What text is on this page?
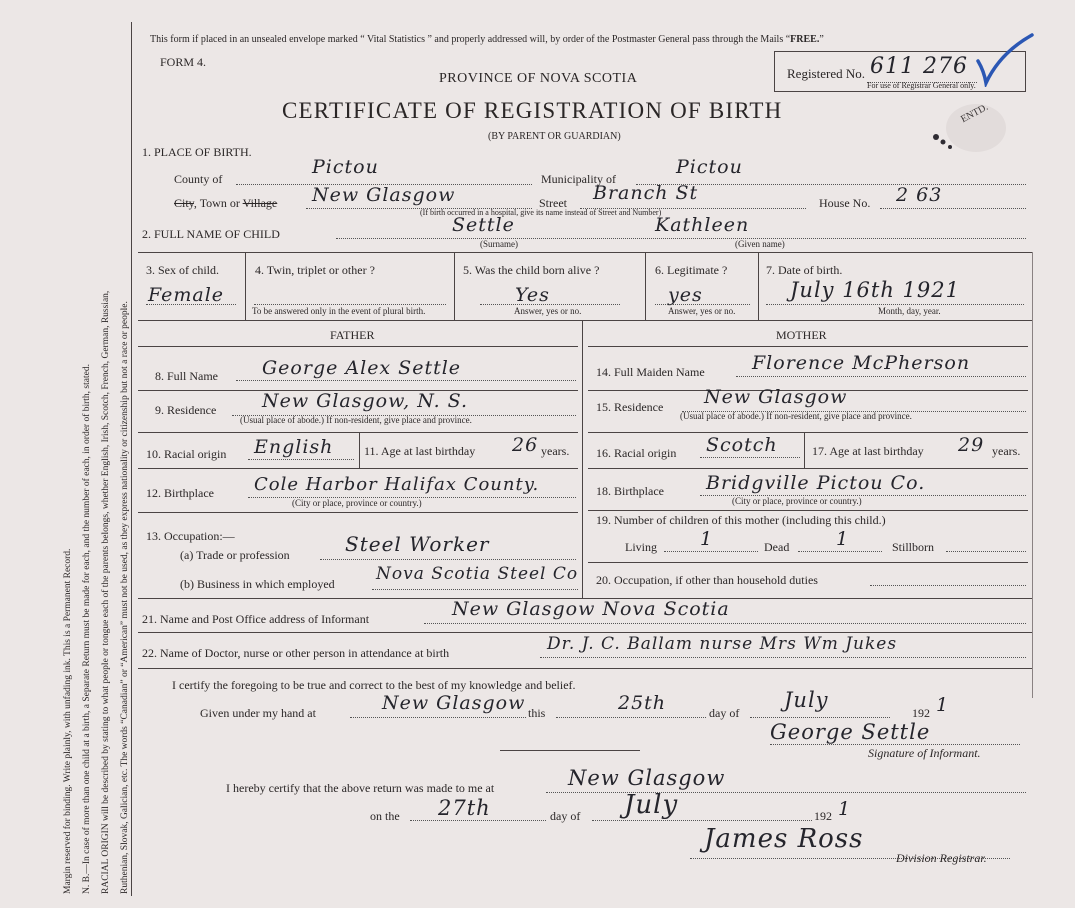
Margin reserved for binding. Write plainly, with unfading ink. This is a Permanent Record. N. B.—In case of more than one child at a birth, a Separate Return must be made for each, and the number of each, in order of birth, stated. RACIAL ORIGIN will be described by stating to what people or tongue each of the parents belongs, whether English, Irish, Scotch, French, German, Russian, Ruthenian, Slovak, Galician, etc. The words “Canadian” or “American” must not be used, as they express nationality or citizenship but not a race or people.
This form if placed in an unsealed envelope marked “ Vital Statistics ” and properly addressed will, by order of the Postmaster General pass through the Mails “FREE.”
FORM 4.
PROVINCE OF NOVA SCOTIA
CERTIFICATE OF REGISTRATION OF BIRTH
(BY PARENT OR GUARDIAN)
Registered No. 611 276
For use of Registrar General only.
ENTD.
1. PLACE OF BIRTH.
County of
Pictou
Municipality of
Pictou
City, Town or Village New Glasgow	Street Branch St	House No. 2 63
(If birth occurred in a hospital, give its name instead of Street and Number)
2. FULL NAME OF CHILD	Settle	Kathleen
(Surname)	(Given name)
3. Sex of child.
Female
4. Twin, triplet or other ?
To be answered only in the event of plural birth.
5. Was the child born alive ?
Yes
Answer, yes or no.
6. Legitimate ?
yes
Answer, yes or no.
7. Date of birth.
July 16th 1921
Month, day, year.
FATHER	MOTHER
8. Full Name George Alex Settle
9. Residence New Glasgow, N. S.
(Usual place of abode.) If non-resident, give place and province.
10. Racial origin English	11. Age at last birthday 26 years.
12. Birthplace Cole Harbor Halifax County.
(City or place, province or country.)
13. Occupation:—
(a) Trade or profession	Steel Worker
(b) Business in which employed Nova Scotia Steel Co
14. Full Maiden Name Florence McPherson
15. Residence New Glasgow
(Usual place of abode.) If non-resident, give place and province.
16. Racial origin Scotch	17. Age at last birthday 29 years.
18. Birthplace Bridgville Pictou Co.
(City or place, province or country.)
19. Number of children of this mother (including this child.)
Living 1	Dead 1	Stillborn
20. Occupation, if other than household duties
21. Name and Post Office address of Informant	New Glasgow Nova Scotia
22. Name of Doctor, nurse or other person in attendance at birth	Dr. J. C. Ballam nurse Mrs Wm Jukes
I certify the foregoing to be true and correct to the best of my knowledge and belief.
Given under my hand at	New Glasgow this	25th	day of
July
192 1
George Settle
Signature of Informant.
I hereby certify that the above return was made to me at	New Glasgow
on the 27th	day of July	192 1
James Ross
Division Registrar.
